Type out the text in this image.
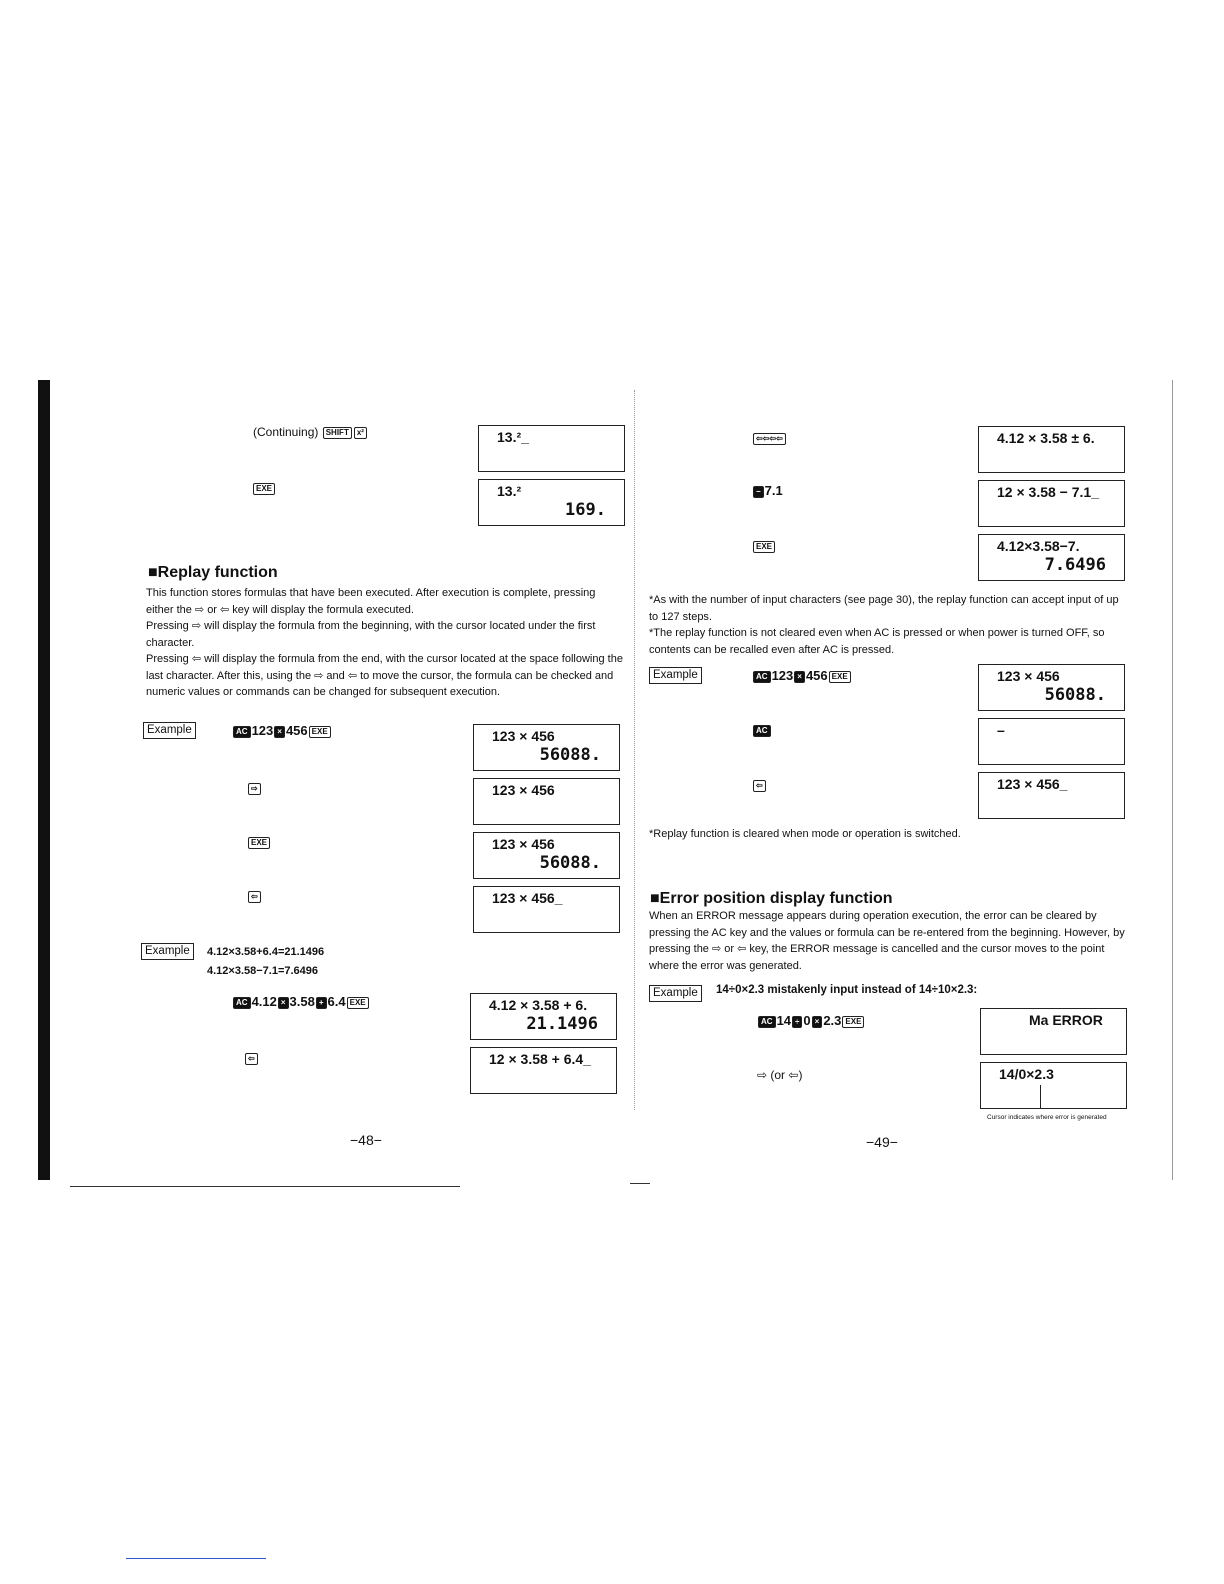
(Continuing) SHIFT x²	13.²_
EXE	13.²
169.
■Replay function
This function stores formulas that have been executed. After execution is complete, pressing either the ⇨ or ⇦ key will display the formula executed.
Pressing ⇨ will display the formula from the beginning, with the cursor located under the first character.
Pressing ⇦ will display the formula from the end, with the cursor located at the space following the last character. After this, using the ⇨ and ⇦ to move the cursor, the formula can be checked and numeric values or commands can be changed for subsequent execution.
Example	AC 123 × 456 EXE	123 × 456
56088.
⇨	123 × 456
EXE	123 × 456
56088.
⇦	123 × 456_
Example	4.12×3.58+6.4=21.1496
4.12×3.58−7.1=7.6496
AC 4.12 × 3.58 + 6.4 EXE	4.12 × 3.58 + 6.
21.1496
⇦	12 × 3.58 + 6.4_
−48−
⇦⇦⇦⇦	4.12 × 3.58 ± 6.
− 7.1	12 × 3.58 − 7.1_
EXE	4.12×3.58−7.
7.6496
*As with the number of input characters (see page 30), the replay function can accept input of up to 127 steps.
*The replay function is not cleared even when AC is pressed or when power is turned OFF, so contents can be recalled even after AC is pressed.
Example	AC 123 × 456 EXE	123 × 456
56088.
AC	–
⇦	123 × 456_
*Replay function is cleared when mode or operation is switched.
■Error position display function
When an ERROR message appears during operation execution, the error can be cleared by pressing the AC key and the values or formula can be re-entered from the beginning. However, by pressing the ⇨ or ⇦ key, the ERROR message is cancelled and the cursor moves to the point where the error was generated.
Example	14÷0×2.3 mistakenly input instead of 14÷10×2.3:
AC 14 ÷ 0 × 2.3 EXE	Ma ERROR
⇨ (or ⇦)	14/0×2.3
Cursor indicates where error is generated
−49−
